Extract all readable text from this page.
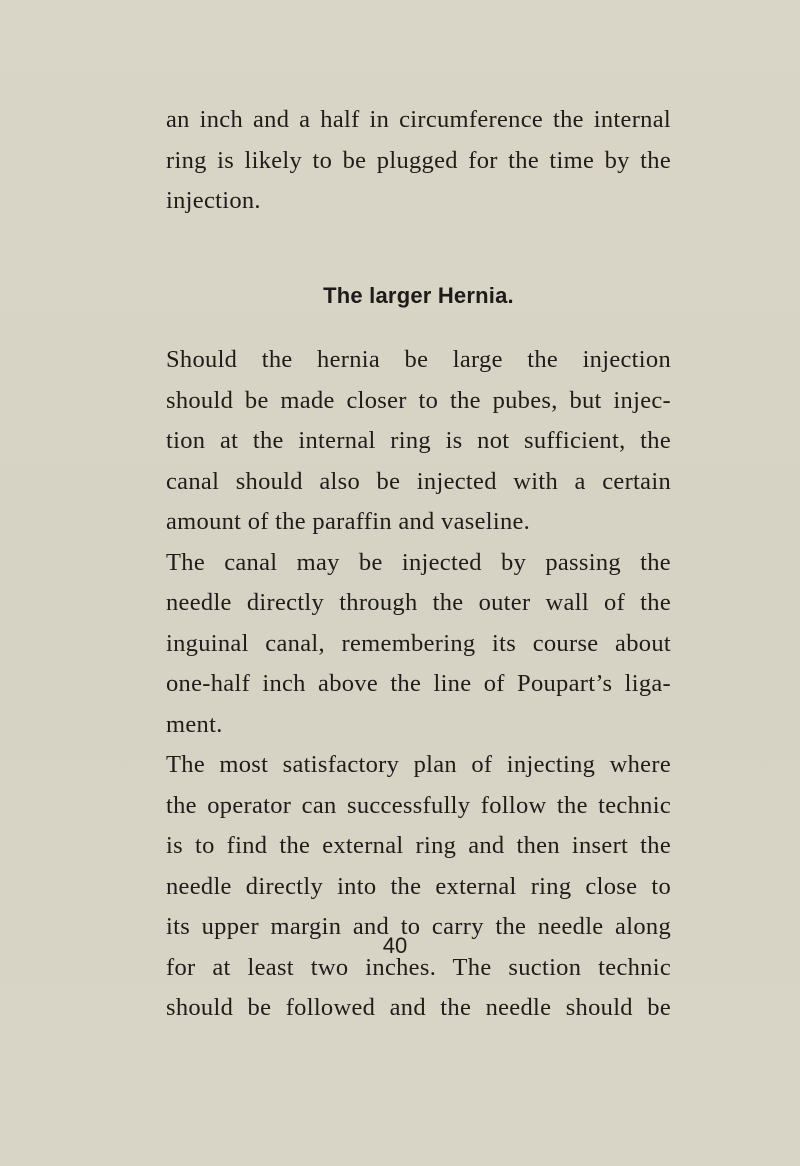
an inch and a half in circumference the internal
ring is likely to be plugged for the time by the
injection.
The larger Hernia.
Should the hernia be large the injection
should be made closer to the pubes, but injec-
tion at the internal ring is not sufficient, the
canal should also be injected with a certain
amount of the paraffin and vaseline.
The canal may be injected by passing the
needle directly through the outer wall of the
inguinal canal, remembering its course about
one-half inch above the line of Poupart’s liga-
ment.
The most satisfactory plan of injecting where
the operator can successfully follow the technic
is to find the external ring and then insert the
needle directly into the external ring close to
its upper margin and to carry the needle along
for at least two inches. The suction technic
should be followed and the needle should be
40
